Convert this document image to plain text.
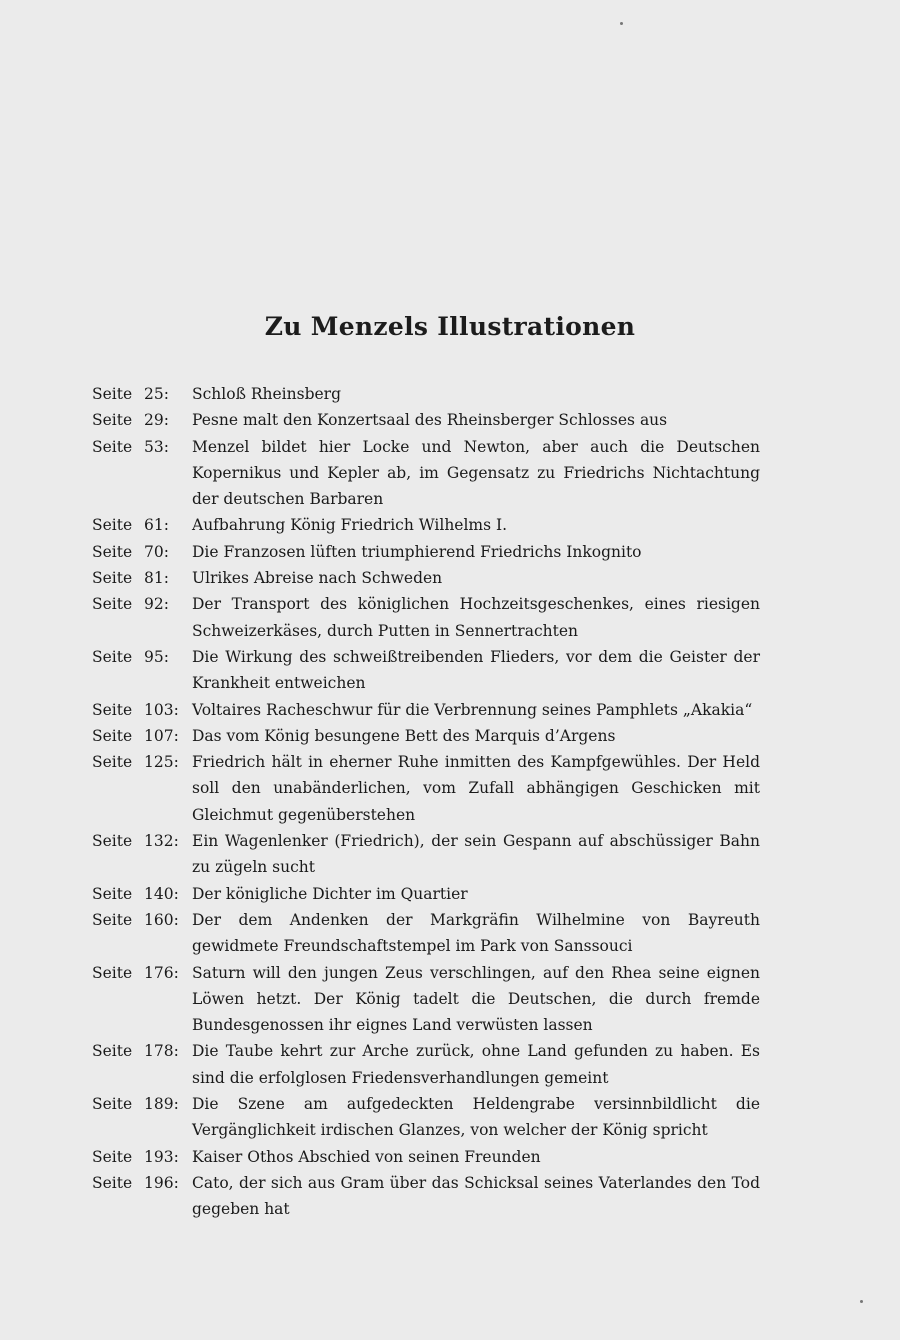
Zu Menzels Illustrationen
Seite 25:	Schloß Rheinsberg
Seite 29:	Pesne malt den Konzertsaal des Rheinsberger Schlosses aus
Seite 53:	Menzel bildet hier Locke und Newton, aber auch die Deutschen Kopernikus und Kepler ab, im Gegensatz zu Friedrichs Nichtachtung der deutschen Barbaren
Seite 61:	Aufbahrung König Friedrich Wilhelms I.
Seite 70:	Die Franzosen lüften triumphierend Friedrichs Inkognito
Seite 81:	Ulrikes Abreise nach Schweden
Seite 92:	Der Transport des königlichen Hochzeitsgeschenkes, eines riesigen Schweizerkäses, durch Putten in Sennertrachten
Seite 95:	Die Wirkung des schweißtreibenden Flieders, vor dem die Geister der Krankheit entweichen
Seite 103: Voltaires Racheschwur für die Verbrennung seines Pamphlets „Akakia“
Seite 107: Das vom König besungene Bett des Marquis d’Argens
Seite 125: Friedrich hält in eherner Ruhe inmitten des Kampfgewühles. Der Held soll den unabänderlichen, vom Zufall abhängigen Geschicken mit Gleichmut gegenüberstehen
Seite 132: Ein Wagenlenker (Friedrich), der sein Gespann auf abschüssiger Bahn zu zügeln sucht
Seite 140: Der königliche Dichter im Quartier
Seite 160: Der dem Andenken der Markgräfin Wilhelmine von Bayreuth gewidmete Freundschaftstempel im Park von Sanssouci
Seite 176: Saturn will den jungen Zeus verschlingen, auf den Rhea seine eignen Löwen hetzt. Der König tadelt die Deutschen, die durch fremde Bundesgenossen ihr eignes Land verwüsten lassen
Seite 178: Die Taube kehrt zur Arche zurück, ohne Land gefunden zu haben. Es sind die erfolglosen Friedensverhandlungen gemeint
Seite 189: Die Szene am aufgedeckten Heldengrabe versinnbildlicht die Vergänglichkeit irdischen Glanzes, von welcher der König spricht
Seite 193: Kaiser Othos Abschied von seinen Freunden
Seite 196: Cato, der sich aus Gram über das Schicksal seines Vaterlandes den Tod gegeben hat
